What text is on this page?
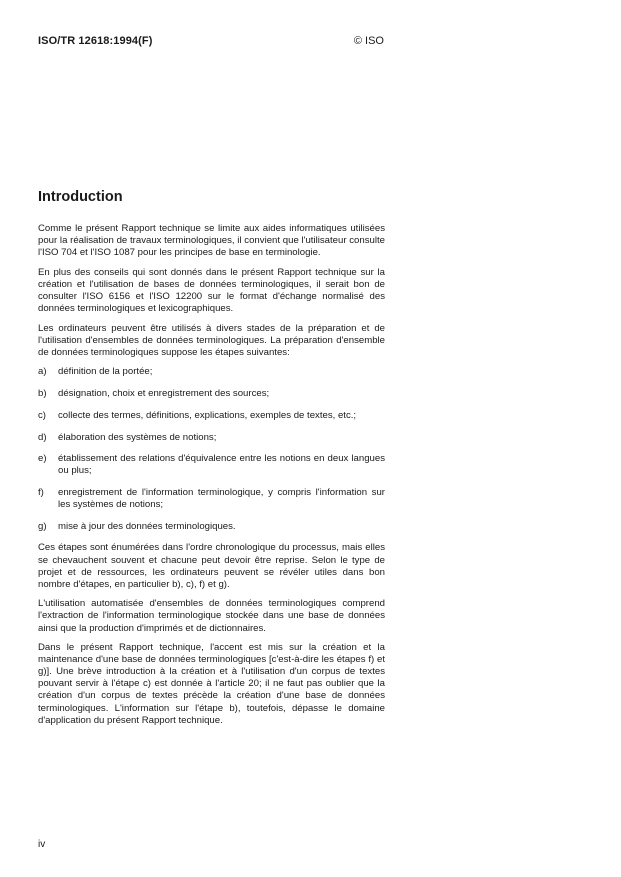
ISO/TR 12618:1994(F)	© ISO
Introduction

Comme le présent Rapport technique se limite aux aides informatiques utilisées pour la réalisation de travaux terminologiques, il convient que l'utilisateur consulte l'ISO 704 et l'ISO 1087 pour les principes de base en terminologie.

En plus des conseils qui sont donnés dans le présent Rapport technique sur la création et l'utilisation de bases de données terminologiques, il serait bon de consulter l'ISO 6156 et l'ISO 12200 sur le format d'échange normalisé des données terminologiques et lexicographiques.

Les ordinateurs peuvent être utilisés à divers stades de la préparation et de l'utilisation d'ensembles de données terminologiques. La préparation d'ensemble de données terminologiques suppose les étapes suivantes:

a)	définition de la portée;
b)	désignation, choix et enregistrement des sources;
c)	collecte des termes, définitions, explications, exemples de textes, etc.;
d)	élaboration des systèmes de notions;
e)	établissement des relations d'équivalence entre les notions en deux langues ou plus;
f)	enregistrement de l'information terminologique, y compris l'information sur les systèmes de notions;
g)	mise à jour des données terminologiques.

Ces étapes sont énumérées dans l'ordre chronologique du processus, mais elles se chevauchent souvent et chacune peut devoir être reprise. Selon le type de projet et de ressources, les ordinateurs peuvent se révéler utiles dans bon nombre d'étapes, en particulier b), c), f) et g).

L'utilisation automatisée d'ensembles de données terminologiques comprend l'extraction de l'information terminologique stockée dans une base de données ainsi que la production d'imprimés et de dictionnaires.

Dans le présent Rapport technique, l'accent est mis sur la création et la maintenance d'une base de données terminologiques [c'est-à-dire les étapes f) et g)]. Une brève introduction à la création et à l'utilisation d'un corpus de textes pouvant servir à l'étape c) est donnée à l'article 20; il ne faut pas oublier que la création d'un corpus de textes précède la création d'une base de données terminologiques. L'information sur l'étape b), toutefois, dépasse le domaine d'application du présent Rapport technique.

iv
